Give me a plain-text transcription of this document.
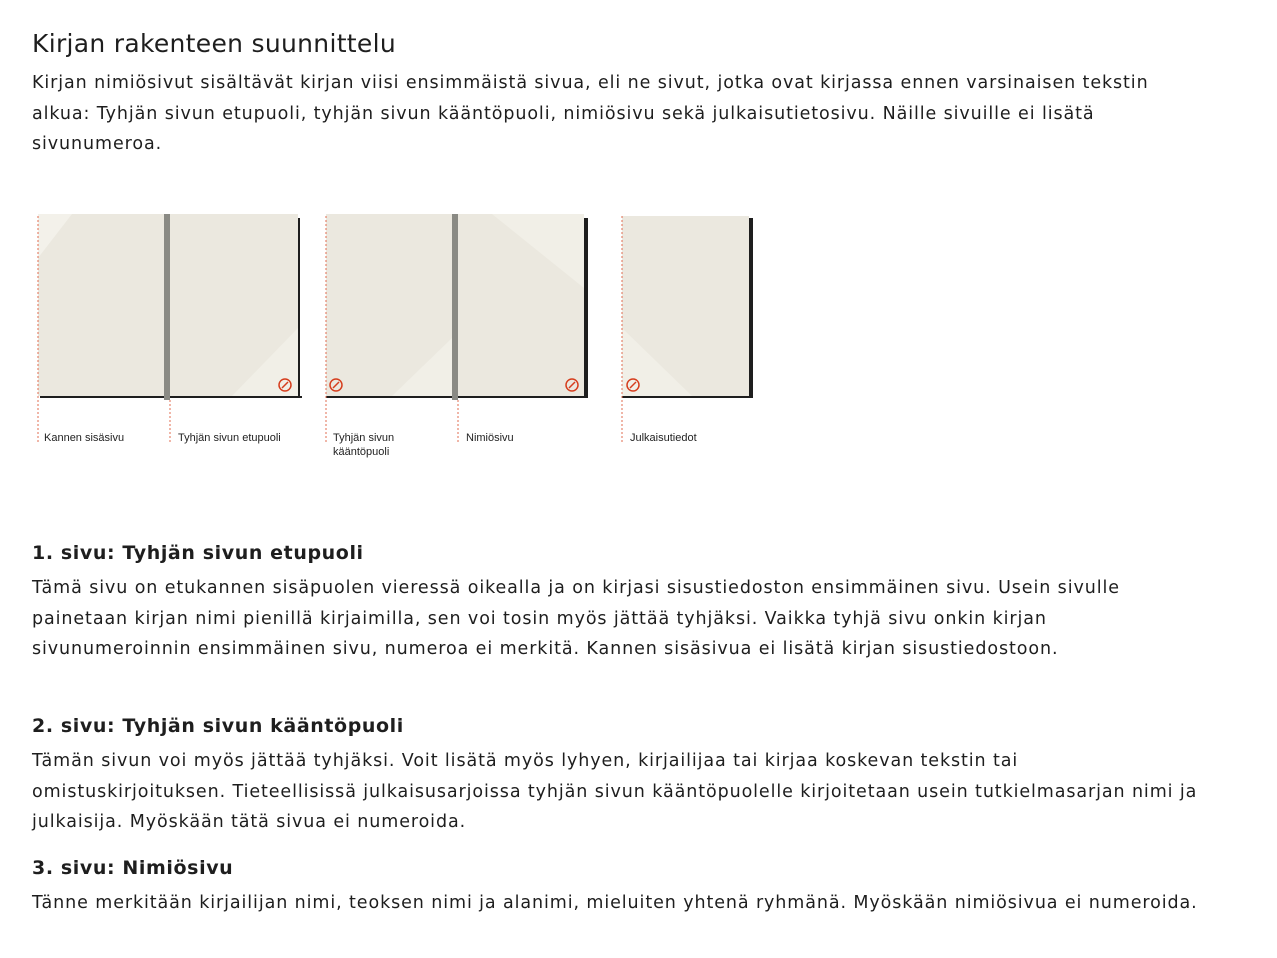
Kirjan rakenteen suunnittelu

Kirjan nimiösivut sisältävät kirjan viisi ensimmäistä sivua, eli ne sivut, jotka ovat kirjassa ennen varsinaisen tekstin alkua: Tyhjän sivun etupuoli, tyhjän sivun kääntöpuoli, nimiösivu sekä julkaisutietosivu. Näille sivuille ei lisätä sivunumeroa.

Kannen sisäsivu	Tyhjän sivun etupuoli	Tyhjän sivun
kääntöpuoli
Nimiösivu	Julkaisutiedot
1. sivu: Tyhjän sivun etupuoli

Tämä sivu on etukannen sisäpuolen vieressä oikealla ja on kirjasi sisustiedoston ensimmäinen sivu. Usein sivulle painetaan kirjan nimi pienillä kirjaimilla, sen voi tosin myös jättää tyhjäksi. Vaikka tyhjä sivu onkin kirjan sivunumeroinnin ensimmäinen sivu, numeroa ei merkitä. Kannen sisäsivua ei lisätä kirjan sisustiedostoon.

2. sivu: Tyhjän sivun kääntöpuoli

Tämän sivun voi myös jättää tyhjäksi. Voit lisätä myös lyhyen, kirjailijaa tai kirjaa koskevan tekstin tai omistuskirjoituksen. Tieteellisissä julkaisusarjoissa tyhjän sivun kääntöpuolelle kirjoitetaan usein tutkielmasarjan nimi ja julkaisija. Myöskään tätä sivua ei numeroida.

3. sivu: Nimiösivu

Tänne merkitään kirjailijan nimi, teoksen nimi ja alanimi, mieluiten yhtenä ryhmänä. Myöskään nimiösivua ei numeroida.
